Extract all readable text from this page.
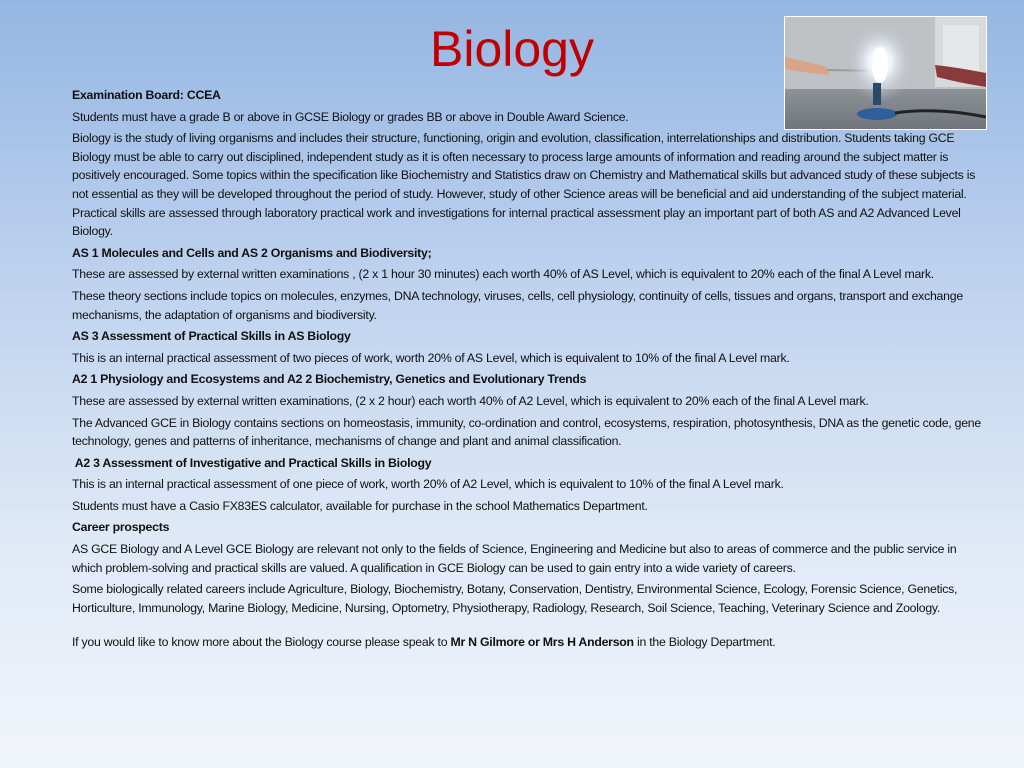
Biology

Examination Board: CCEA

Students must have a grade B or above in GCSE Biology or grades BB or above in Double Award Science.

Biology is the study of living organisms and includes their structure, functioning, origin and evolution, classification, interrelationships and distribution. Students taking GCE Biology must be able to carry out disciplined, independent study as it is often necessary to process large amounts of information and reading around the subject matter is positively encouraged. Some topics within the specification like Biochemistry and Statistics draw on Chemistry and Mathematical skills but advanced study of these subjects is not essential as they will be developed throughout the period of study. However, study of other Science areas will be beneficial and aid understanding of the subject material. Practical skills are assessed through laboratory practical work and investigations for internal practical assessment play an important part of both AS and A2 Advanced Level Biology.

AS 1 Molecules and Cells and AS 2 Organisms and Biodiversity;

These are assessed by external written examinations , (2 x 1 hour 30 minutes) each worth 40% of AS Level, which is equivalent to 20% each of the final A Level mark.

These theory sections include topics on molecules, enzymes, DNA technology, viruses, cells, cell physiology, continuity of cells, tissues and organs, transport and exchange mechanisms, the adaptation of organisms and biodiversity.

AS 3 Assessment of Practical Skills in AS Biology

This is an internal practical assessment of two pieces of work, worth 20% of AS Level, which is equivalent to 10% of the final A Level mark.

A2 1 Physiology and Ecosystems and A2 2 Biochemistry, Genetics and Evolutionary Trends

These are assessed by external written examinations, (2 x 2 hour) each worth 40% of A2 Level, which is equivalent to 20% each of the final A Level mark.

The Advanced GCE in Biology contains sections on homeostasis, immunity, co-ordination and control, ecosystems, respiration, photosynthesis, DNA as the genetic code, gene technology, genes and patterns of inheritance, mechanisms of change and plant and animal classification.

A2 3 Assessment of Investigative and Practical Skills in Biology

This is an internal practical assessment of one piece of work, worth 20% of A2 Level, which is equivalent to 10% of the final A Level mark.

Students must have a Casio FX83ES calculator, available for purchase in the school Mathematics Department.

Career prospects

AS GCE Biology and A Level GCE Biology are relevant not only to the fields of Science, Engineering and Medicine but also to areas of commerce and the public service in which problem-solving and practical skills are valued. A qualification in GCE Biology can be used to gain entry into a wide variety of careers.

Some biologically related careers include Agriculture, Biology, Biochemistry, Botany, Conservation, Dentistry, Environmental Science, Ecology, Forensic Science, Genetics, Horticulture, Immunology, Marine Biology, Medicine, Nursing, Optometry, Physiotherapy, Radiology, Research, Soil Science, Teaching, Veterinary Science and Zoology.

If you would like to know more about the Biology course please speak to Mr N Gilmore or Mrs H Anderson in the Biology Department.
